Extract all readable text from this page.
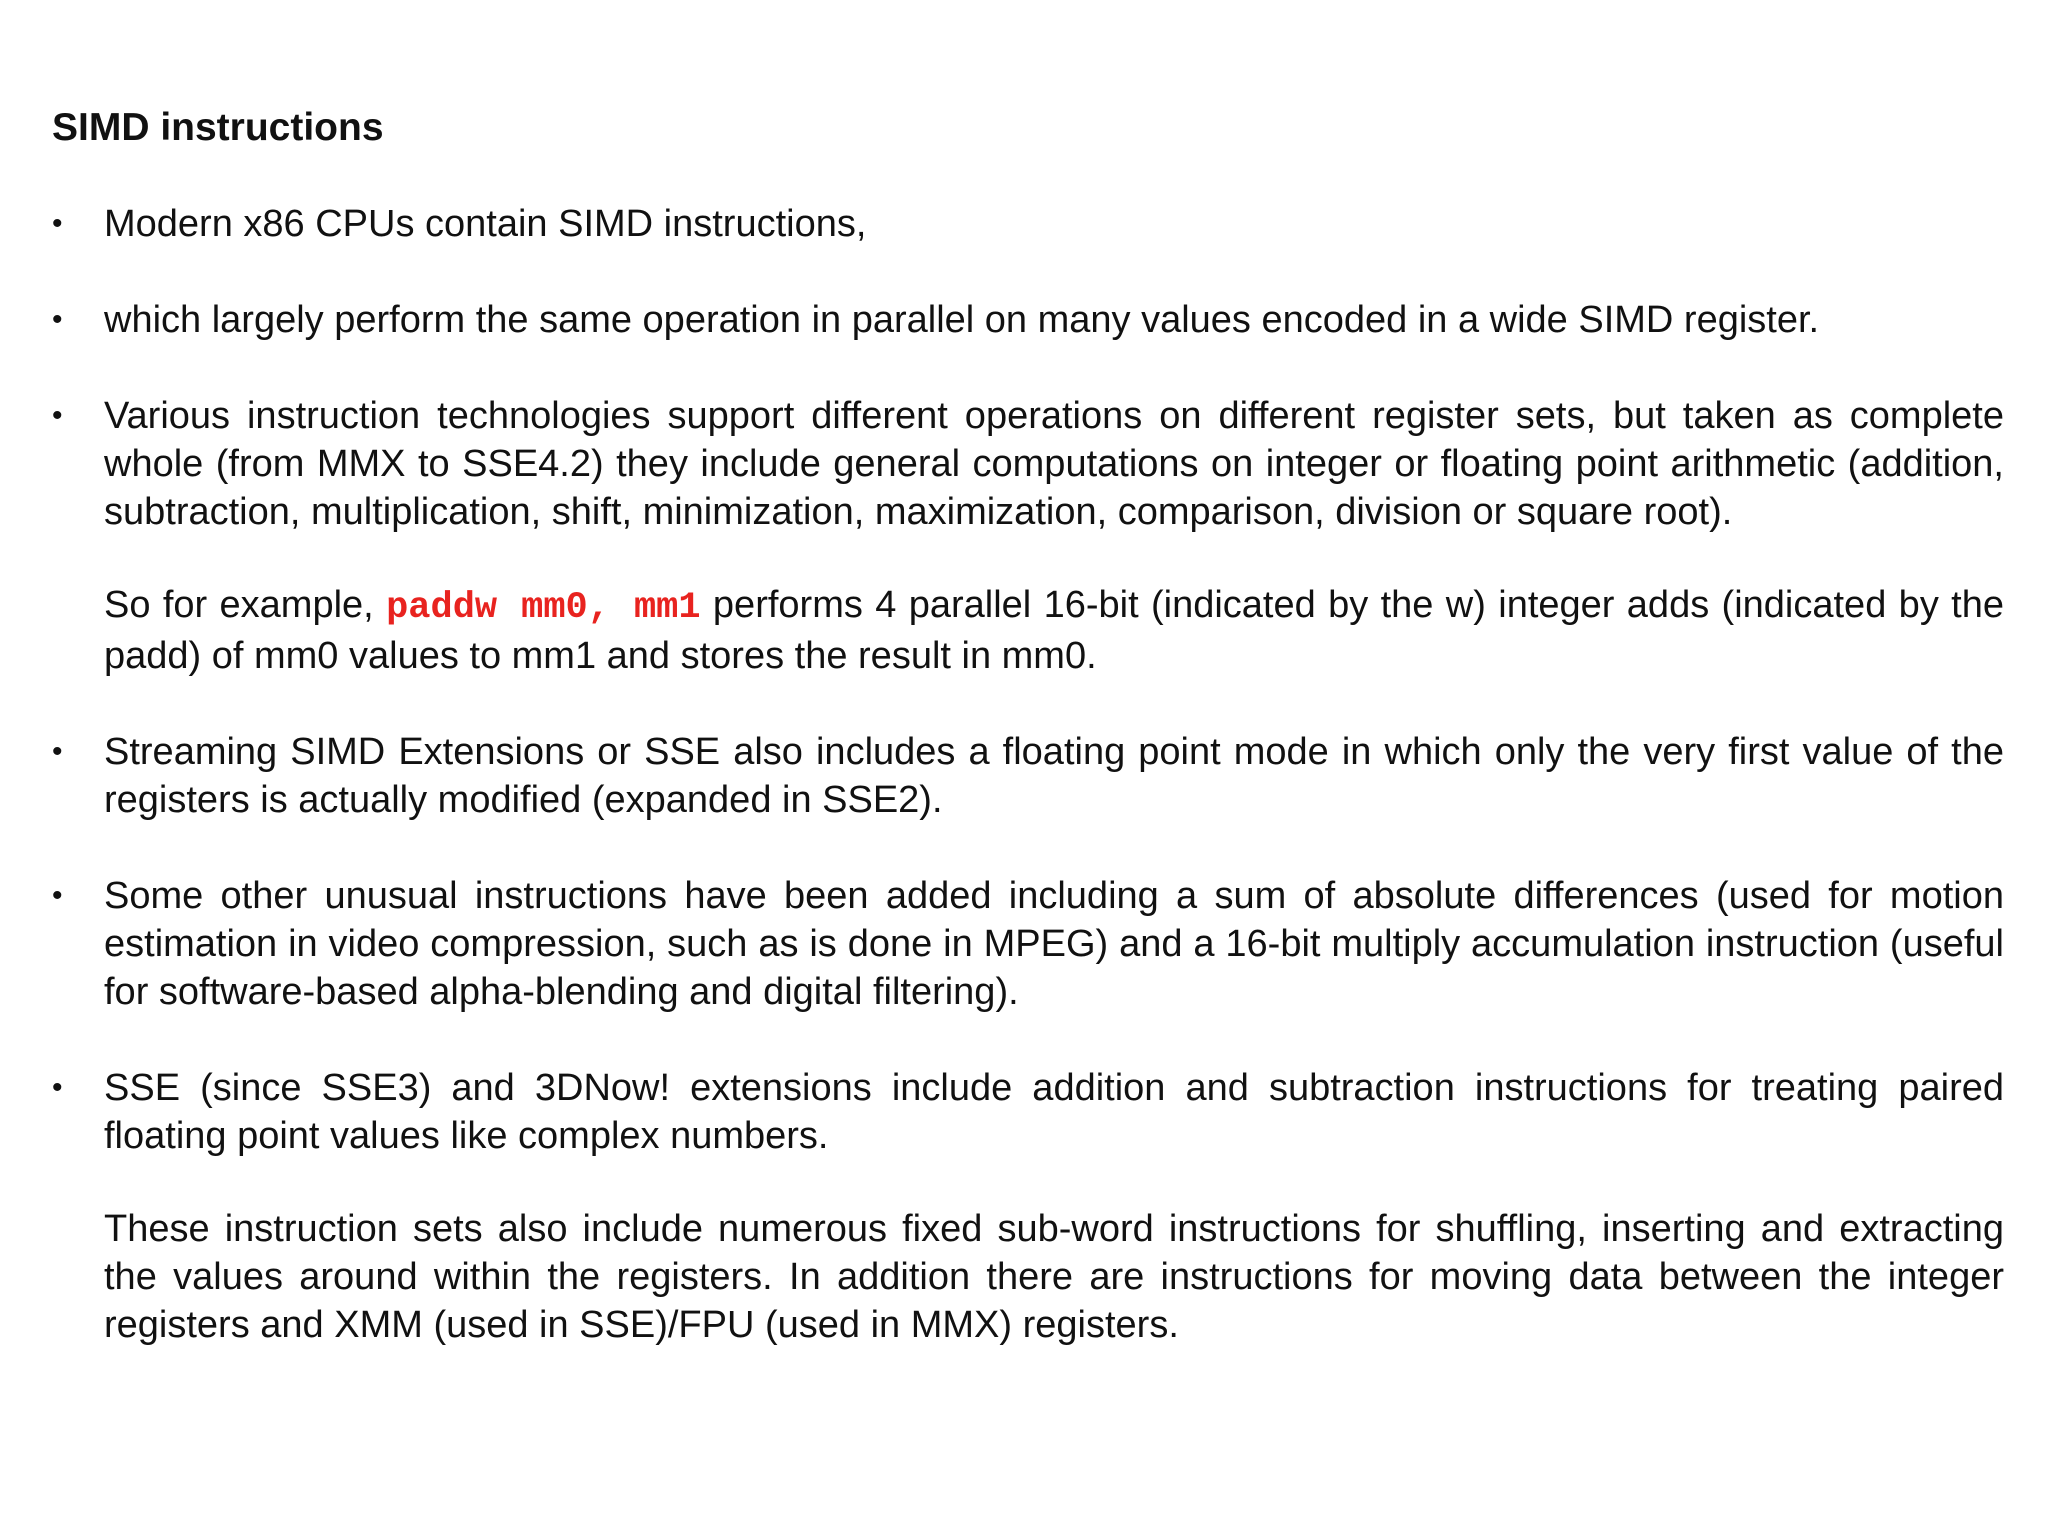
SIMD instructions
• Modern x86 CPUs contain SIMD instructions,

• which largely perform the same operation in parallel on many values encoded in a wide SIMD register.

• Various instruction technologies support different operations on different register sets, but taken as complete whole (from MMX to SSE4.2) they include general computations on integer or floating point arithmetic (addition, subtraction, multiplication, shift, minimization, maximization, comparison, division or square root).

So for example, paddw mm0, mm1 performs 4 parallel 16-bit (indicated by the w) integer adds (indicated by the padd) of mm0 values to mm1 and stores the result in mm0.

• Streaming SIMD Extensions or SSE also includes a floating point mode in which only the very first value of the registers is actually modified (expanded in SSE2).

• Some other unusual instructions have been added including a sum of absolute differences (used for motion estimation in video compression, such as is done in MPEG) and a 16-bit multiply accumulation instruction (useful for software-based alpha-blending and digital filtering).

• SSE (since SSE3) and 3DNow! extensions include addition and subtraction instructions for treating paired floating point values like complex numbers.

These instruction sets also include numerous fixed sub-word instructions for shuffling, inserting and extracting the values around within the registers. In addition there are instructions for moving data between the integer registers and XMM (used in SSE)/FPU (used in MMX) registers.
